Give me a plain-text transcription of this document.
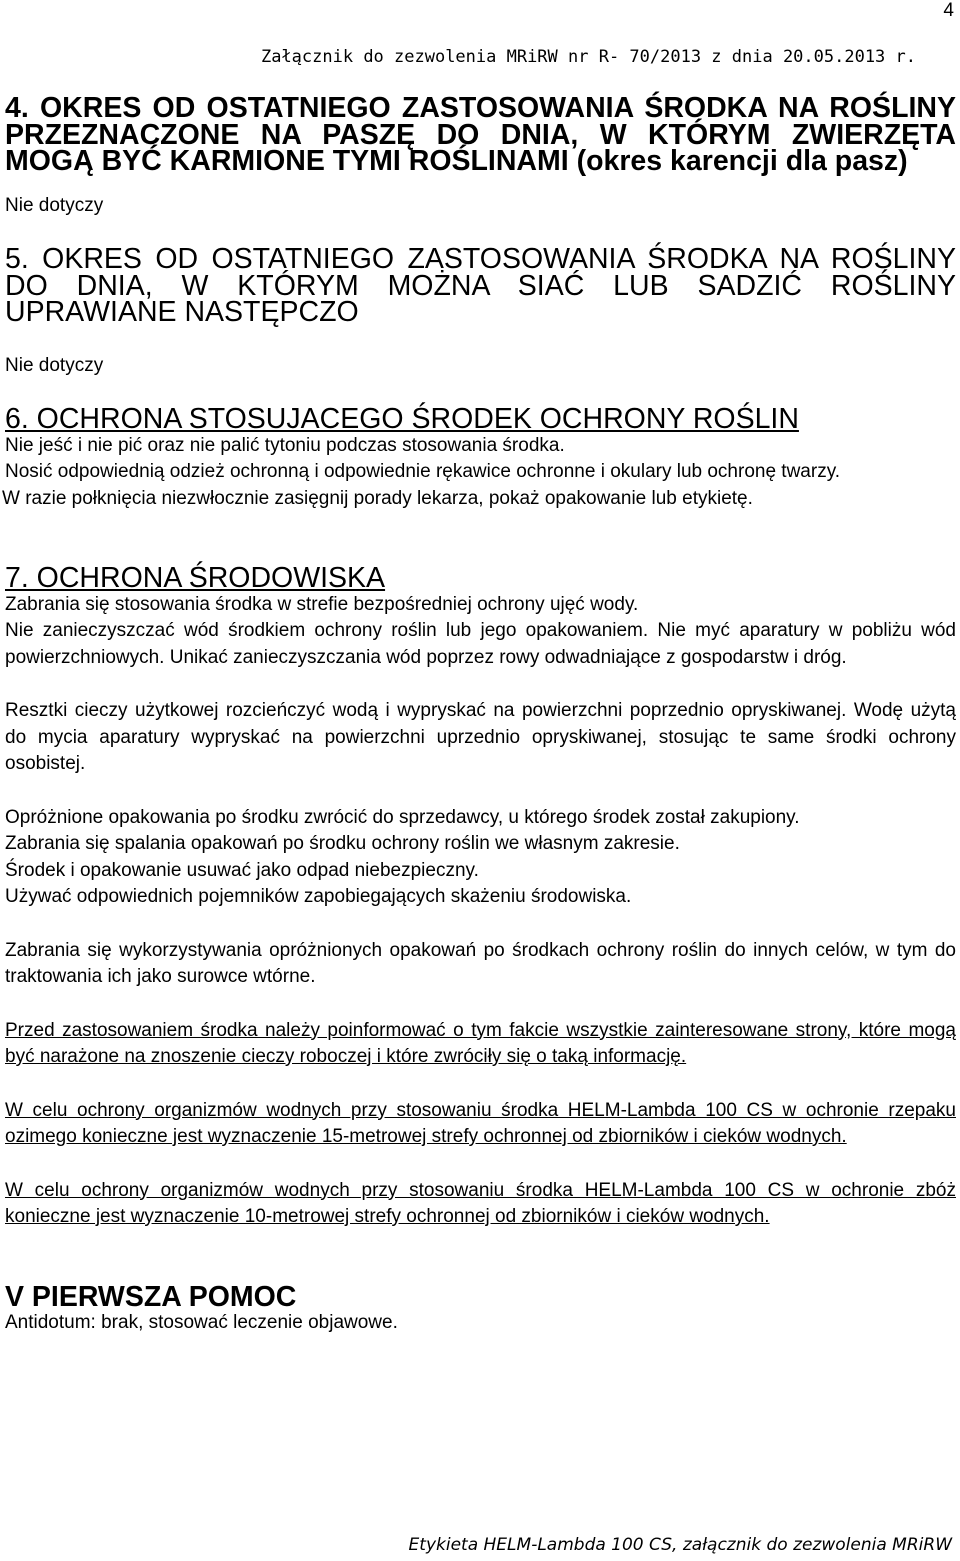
4
Załącznik do zezwolenia MRiRW nr R- 70/2013 z dnia 20.05.2013 r.
4. OKRES OD OSTATNIEGO ZASTOSOWANIA ŚRODKA NA ROŚLINY PRZEZNACZONE NA PASZĘ DO DNIA, W KTÓRYM ZWIERZĘTA MOGĄ BYĆ KARMIONE TYMI ROŚLINAMI (okres karencji dla pasz)

Nie dotyczy

5. OKRES OD OSTATNIEGO ZASTOSOWANIA ŚRODKA NA ROŚLINY DO DNIA, W KTÓRYM MOŻNA SIAĆ LUB SADZIĆ ROŚLINY UPRAWIANE NASTĘPCZO

Nie dotyczy

6. OCHRONA STOSUJACEGO ŚRODEK OCHRONY ROŚLIN

Nie jeść i nie pić oraz nie palić tytoniu podczas stosowania środka.

Nosić odpowiednią odzież ochronną i odpowiednie rękawice ochronne i okulary lub ochronę twarzy.

W razie połknięcia niezwłocznie zasięgnij porady lekarza, pokaż opakowanie lub etykietę.

7. OCHRONA ŚRODOWISKA

Zabrania się stosowania środka w strefie bezpośredniej ochrony ujęć wody.

Nie zanieczyszczać wód środkiem ochrony roślin lub jego opakowaniem. Nie myć aparatury w pobliżu wód powierzchniowych. Unikać zanieczyszczania wód poprzez rowy odwadniające z gospodarstw i dróg.

Resztki cieczy użytkowej rozcieńczyć wodą i wypryskać na powierzchni poprzednio opryskiwanej. Wodę użytą do mycia aparatury wypryskać na powierzchni uprzednio opryskiwanej, stosując te same środki ochrony osobistej.

Opróżnione opakowania po środku zwrócić do sprzedawcy, u którego środek został zakupiony.

Zabrania się spalania opakowań po środku ochrony roślin we własnym zakresie.

Środek i opakowanie usuwać jako odpad niebezpieczny.

Używać odpowiednich pojemników zapobiegających skażeniu środowiska.

Zabrania się wykorzystywania opróżnionych opakowań po środkach ochrony roślin do innych celów, w tym do traktowania ich jako surowce wtórne.

Przed zastosowaniem środka należy poinformować o tym fakcie wszystkie zainteresowane strony, które mogą być narażone na znoszenie cieczy roboczej i które zwróciły się o taką informację.

W celu ochrony organizmów wodnych przy stosowaniu środka HELM-Lambda 100 CS w ochronie rzepaku ozimego konieczne jest wyznaczenie 15-metrowej strefy ochronnej od zbiorników i cieków wodnych.

W celu ochrony organizmów wodnych przy stosowaniu środka HELM-Lambda 100 CS w ochronie zbóż konieczne jest wyznaczenie 10-metrowej strefy ochronnej od zbiorników i cieków wodnych.

V PIERWSZA POMOC

Antidotum: brak, stosować leczenie objawowe.

Etykieta HELM-Lambda 100 CS, załącznik do zezwolenia MRiRW
